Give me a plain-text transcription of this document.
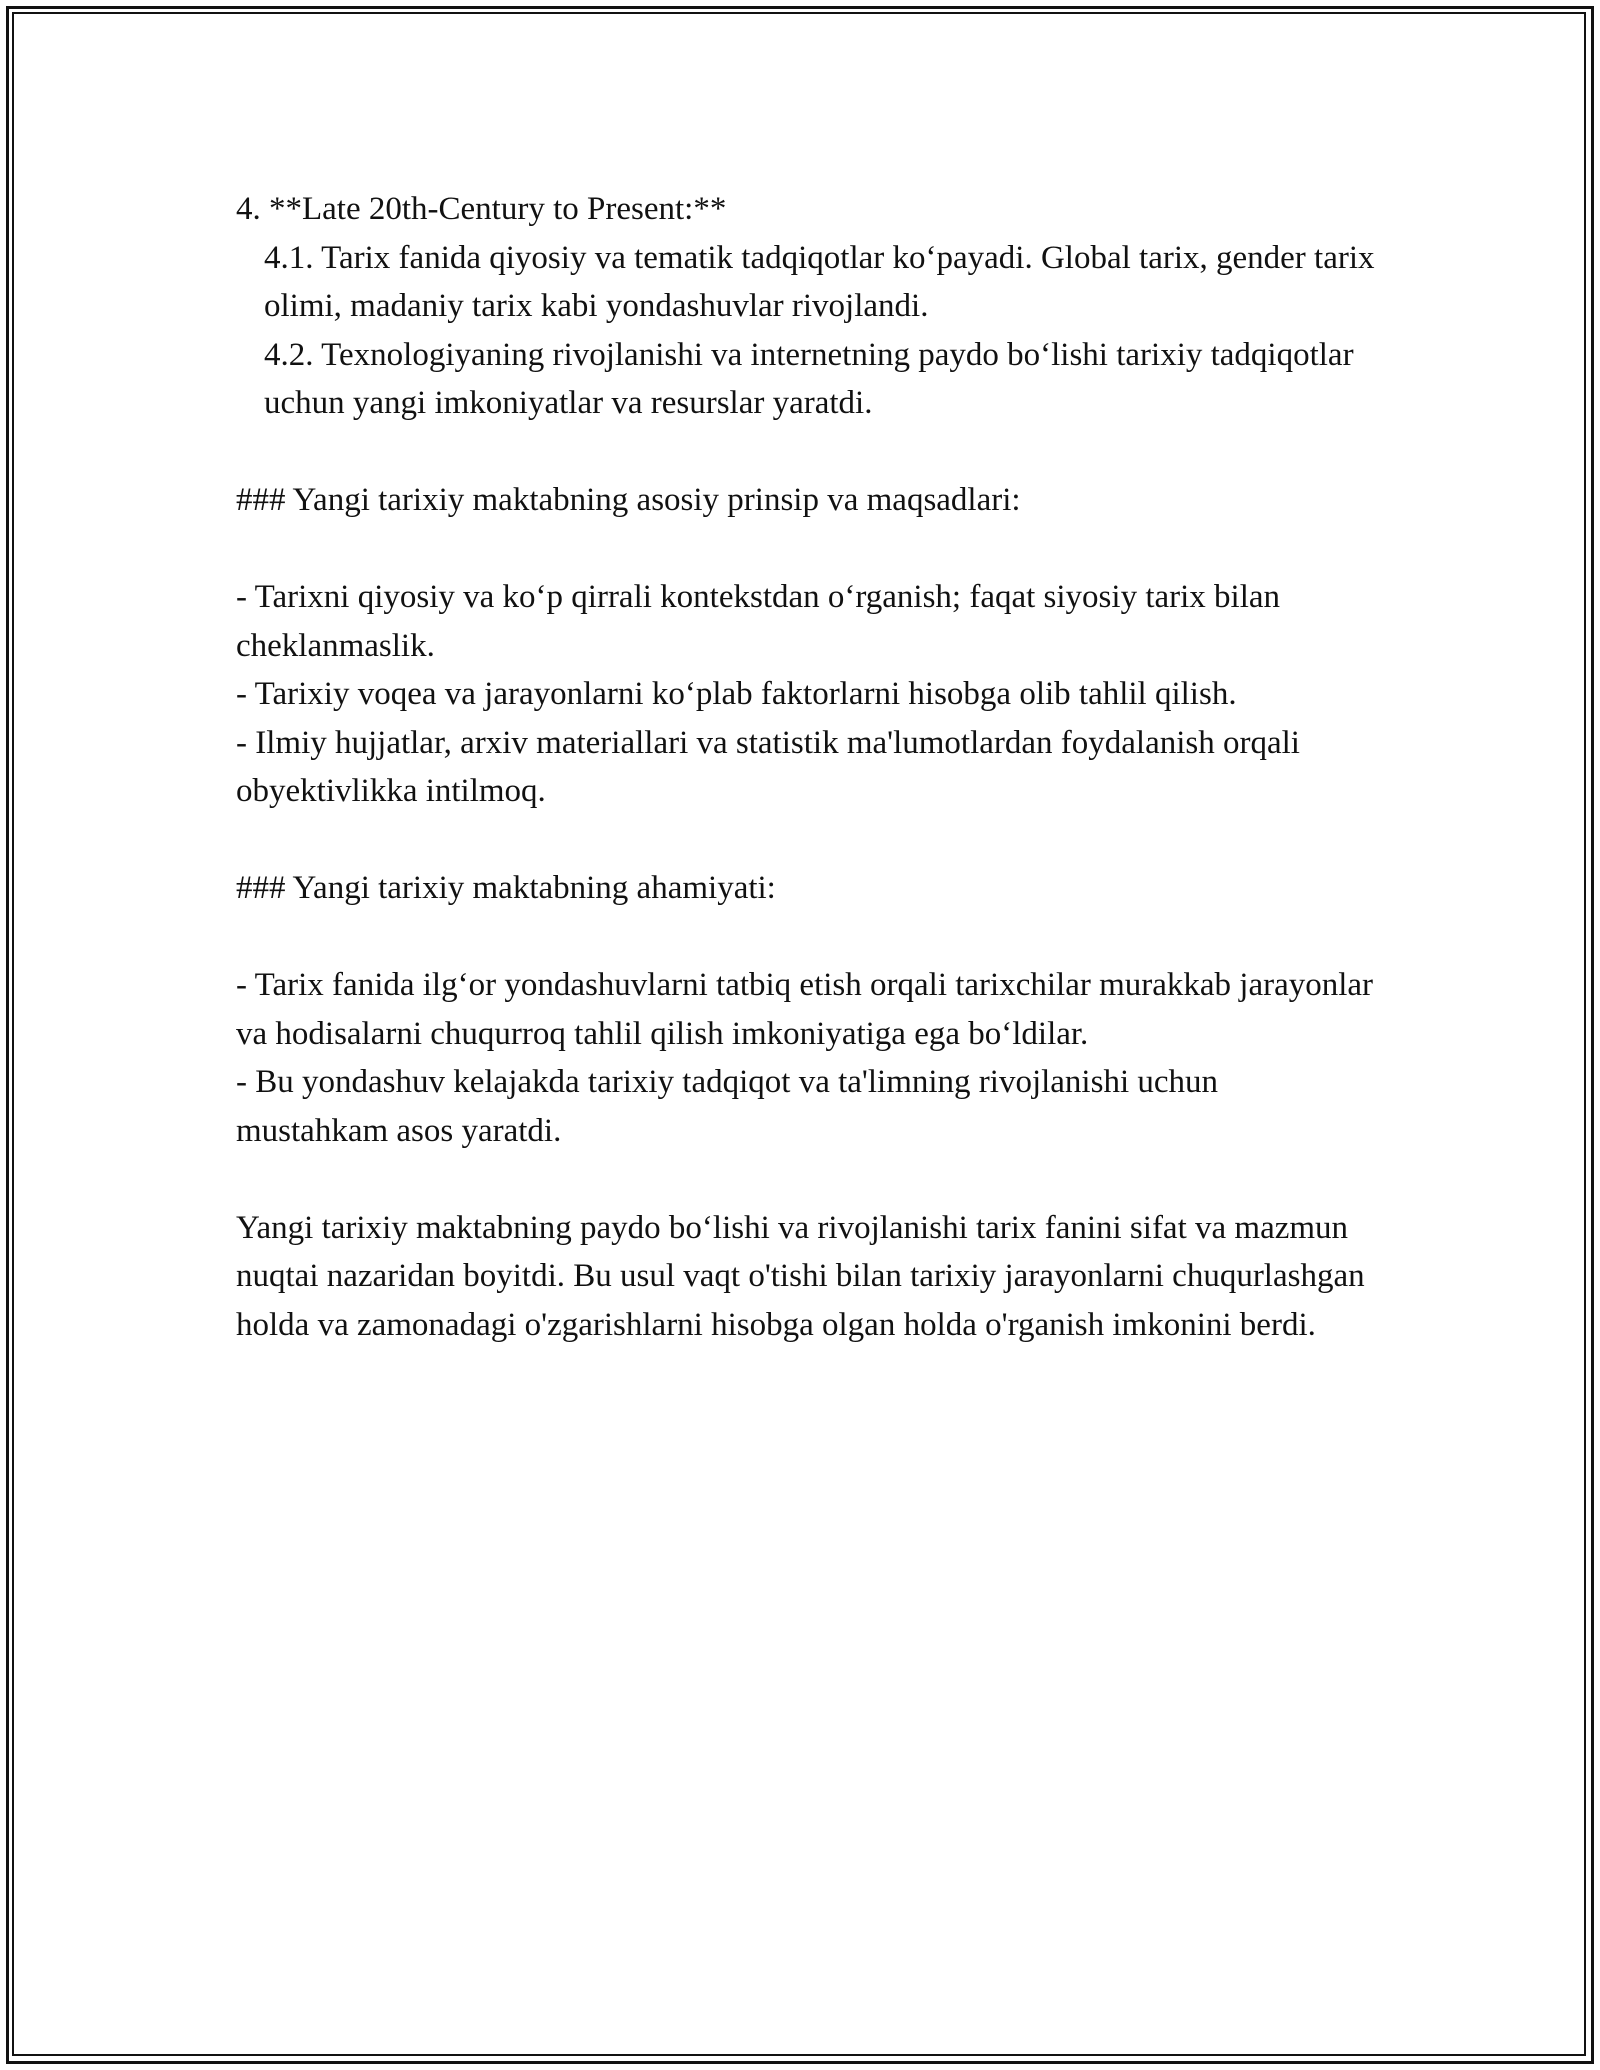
4. **Late 20th-Century to Present:**

4.1. Tarix fanida qiyosiy va tematik tadqiqotlar ko‘payadi. Global tarix, gender tarix olimi, madaniy tarix kabi yondashuvlar rivojlandi.

4.2. Texnologiyaning rivojlanishi va internetning paydo bo‘lishi tarixiy tadqiqotlar uchun yangi imkoniyatlar va resurslar yaratdi.

### Yangi tarixiy maktabning asosiy prinsip va maqsadlari:

- Tarixni qiyosiy va ko‘p qirrali kontekstdan o‘rganish; faqat siyosiy tarix bilan cheklanmaslik.

- Tarixiy voqea va jarayonlarni ko‘plab faktorlarni hisobga olib tahlil qilish.

- Ilmiy hujjatlar, arxiv materiallari va statistik ma'lumotlardan foydalanish orqali obyektivlikka intilmoq.

### Yangi tarixiy maktabning ahamiyati:

- Tarix fanida ilg‘or yondashuvlarni tatbiq etish orqali tarixchilar murakkab jarayonlar va hodisalarni chuqurroq tahlil qilish imkoniyatiga ega bo‘ldilar.

- Bu yondashuv kelajakda tarixiy tadqiqot va ta'limning rivojlanishi uchun mustahkam asos yaratdi.

Yangi tarixiy maktabning paydo bo‘lishi va rivojlanishi tarix fanini sifat va mazmun nuqtai nazaridan boyitdi. Bu usul vaqt o'tishi bilan tarixiy jarayonlarni chuqurlashgan holda va zamonadagi o'zgarishlarni hisobga olgan holda o'rganish imkonini berdi.
